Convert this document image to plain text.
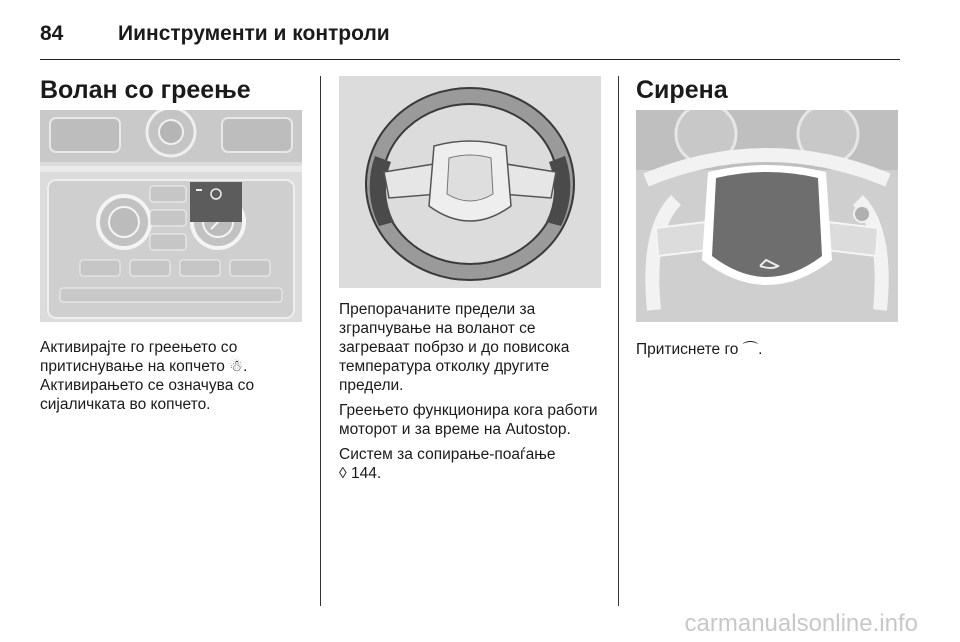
84	Иинструменти и контроли
Волан со греење

Активирајте го греењето со притиснување на копчето ☃. Активирањето се означува со сијаличката во копчето.

Препорачаните предели за зграпчување на воланот се загреваат побрзо и до повисока температура отколку другите предели.

Греењето функционира кога работи моторот и за време на Autostop.

Систем за сопирање-поаѓање
◊ 144.

Сирена

Притиснете го ⌒.

carmanualsonline.info
